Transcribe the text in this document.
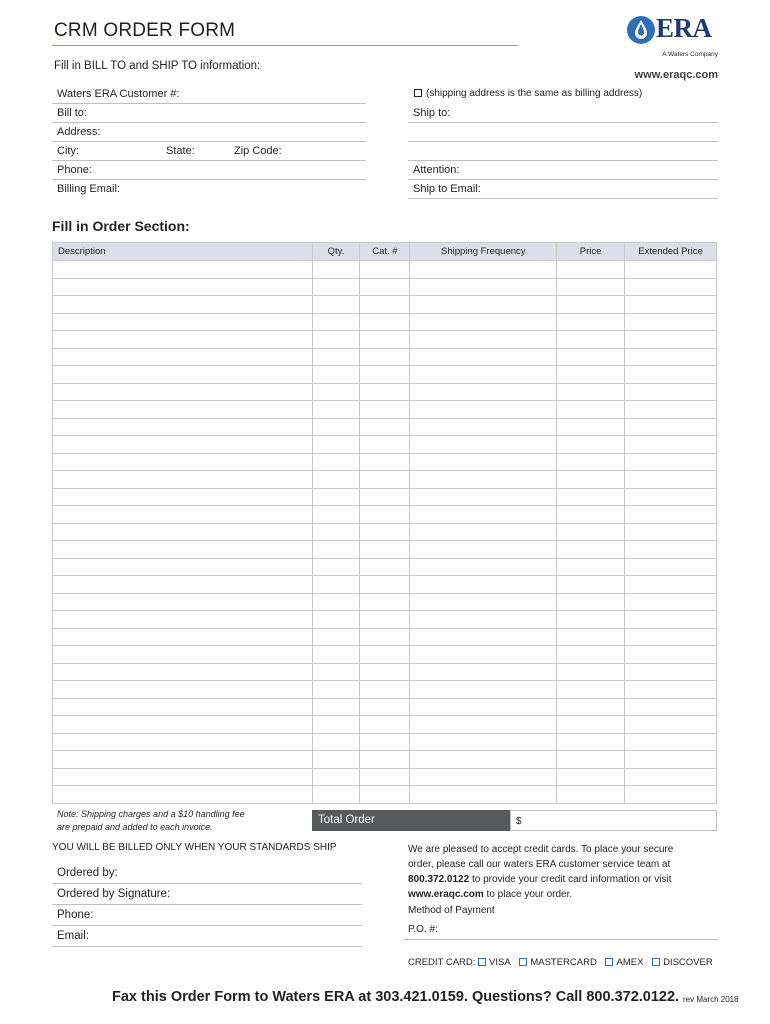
CRM ORDER FORM
Fill in BILL TO and SHIP TO information:
ERA
A Waters Company
www.eraqc.com
Waters ERA Customer #:
Bill to:
Address:
City:	State:	Zip Code:
Phone:
Billing Email:
(shipping address is the same as billing address)
Ship to:
Attention:
Ship to Email:
Fill in Order Section:
Description	Qty.	Cat. #	Shipping Frequency	Price	Extended Price

Note: Shipping charges and a $10 handling fee
are prepaid and added to each invoice.
Total Order	$
YOU WILL BE BILLED ONLY WHEN YOUR STANDARDS SHIP
Ordered by:
Ordered by Signature:
Phone:
Email:
We are pleased to accept credit cards. To place your secure
order, please call our waters ERA customer service team at
800.372.0122 to provide your credit card information or visit
www.eraqc.com to place your order.
Method of Payment
P.O. #:
CREDIT CARD: VISA MASTERCARD AMEX DISCOVER
Fax this Order Form to Waters ERA at 303.421.0159. Questions? Call 800.372.0122. rev March 2018
